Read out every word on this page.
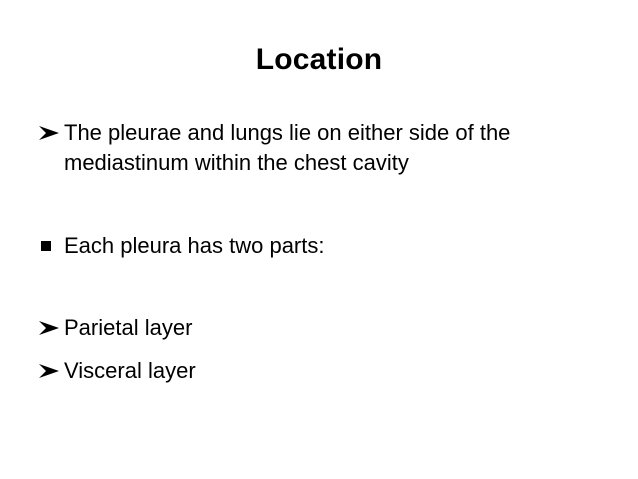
Location
The pleurae and lungs lie on either side of the mediastinum within the chest cavity
Each pleura has two parts:
Parietal layer
Visceral layer
